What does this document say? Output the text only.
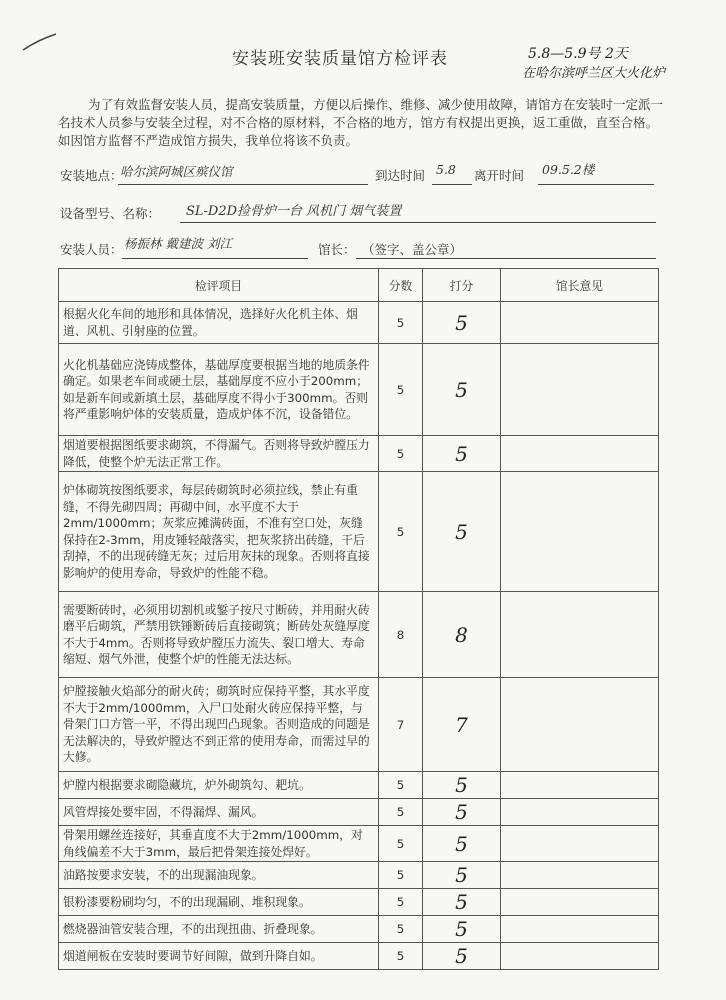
安装班安装质量馆方检评表	5.8—5.9号 2天
在哈尔滨呼兰区大火化炉
为了有效监督安装人员，提高安装质量，方便以后操作、维修、减少使用故障，请馆方在安装时一定派一名技术人员参与安装全过程，对不合格的原材料，不合格的地方，馆方有权提出更换，返工重做，直至合格。如因馆方监督不严造成馆方损失，我单位将该不负责。
安装地点：
哈尔滨阿城区殡仪馆	到达时间 5.8 离开时间 09.5.2楼
设备型号、名称： SL-D2D捡骨炉一台 风机门 烟气装置
安装人员： 杨振林 戴建波 刘江	馆长： （签字、盖公章）
检评项目	分数	打分	馆长意见
根据火化车间的地形和具体情况，选择好火化机主体、烟道、风机、引射座的位置。	5	5	
火化机基础应浇铸成整体，基础厚度要根据当地的地质条件确定。如果老车间或硬土层，基础厚度不应小于200mm；如是新车间或新填土层，基础厚度不得小于300mm。否则将严重影响炉体的安装质量，造成炉体不沉，设备错位。	5	5	
烟道要根据图纸要求砌筑，不得漏气。否则将导致炉膛压力降低，使整个炉无法正常工作。	5	5	
炉体砌筑按图纸要求，每层砖砌筑时必须拉线，禁止有重缝，不得先砌四周；再砌中间，水平度不大于2mm/1000mm；灰浆应摊满砖面，不准有空口处，灰缝保持在2-3mm，用皮锤轻敲落实，把灰浆挤出砖缝，干后刮掉，不的出现砖缝无灰；过后用灰抹的现象。否则将直接影响炉的使用寿命，导致炉的性能不稳。	5	5	
需要断砖时，必须用切割机或錾子按尺寸断砖，并用耐火砖磨平后砌筑，严禁用铁锤断砖后直接砌筑；断砖处灰缝厚度不大于4mm。否则将导致炉膛压力流失、裂口增大、寿命缩短、烟气外泄，使整个炉的性能无法达标。	8	8	
炉膛接触火焰部分的耐火砖；砌筑时应保持平整，其水平度不大于2mm/1000mm，入尸口处耐火砖应保持平整，与骨架门口方管一平，不得出现凹凸现象。否则造成的问题是无法解决的，导致炉膛达不到正常的使用寿命，而需过早的大修。	7	7	
炉膛内根据要求砌隐藏坑，炉外砌筑勾、耙坑。	5	5	
风管焊接处要牢固，不得漏焊、漏风。	5	5	
骨架用螺丝连接好，其垂直度不大于2mm/1000mm，对角线偏差不大于3mm，最后把骨架连接处焊好。	5	5	
油路按要求安装，不的出现漏油现象。	5	5	
银粉漆要粉刷均匀，不的出现漏刷、堆积现象。	5	5	
燃烧器油管安装合理，不的出现扭曲、折叠现象。	5	5	
烟道闸板在安装时要调节好间隙，做到升降自如。	5	5	
